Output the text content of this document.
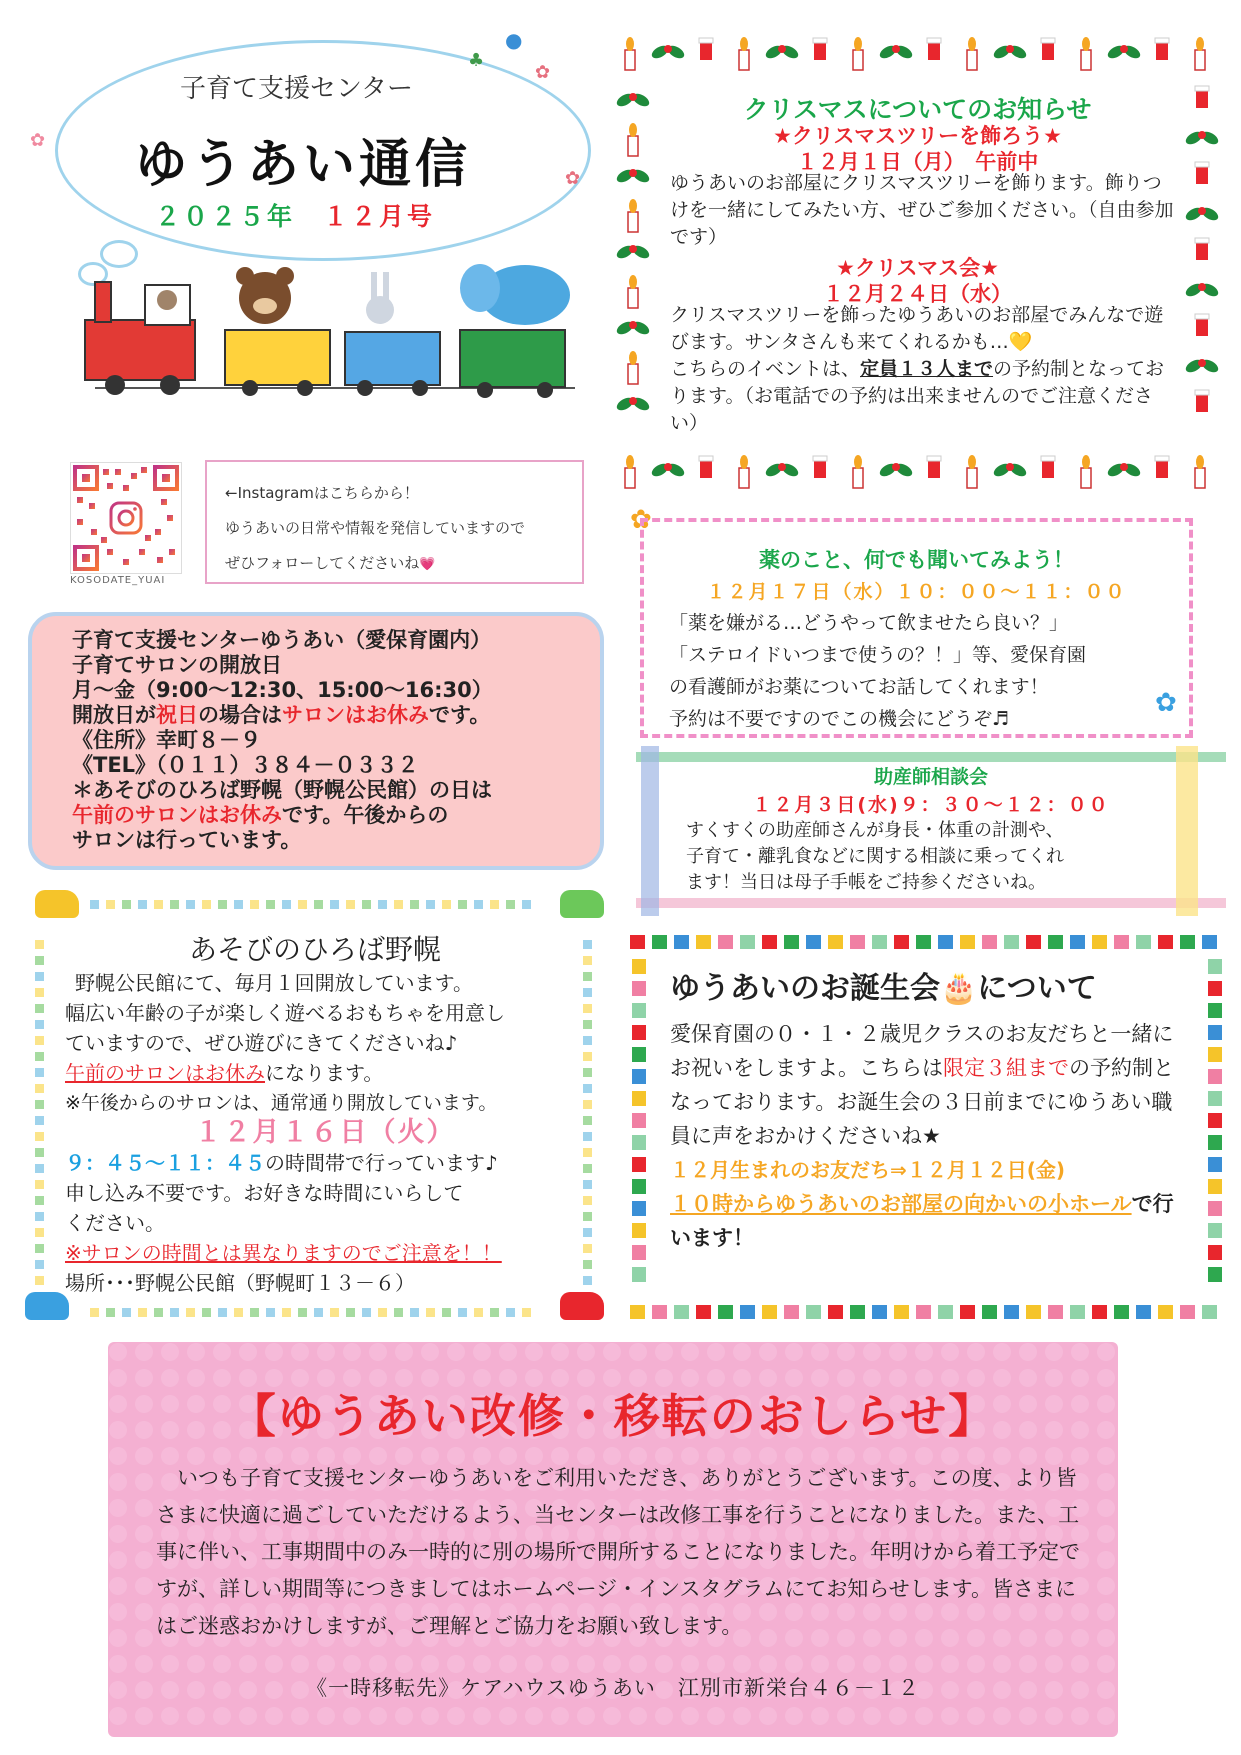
✿
✿
✿
♣
●
子育て支援センター
ゆうあい通信
２０２５年　 １２月号
KOSODATE_YUAI
←Instagramはこちらから！
ゆうあいの日常や情報を発信していますので
ぜひフォローしてくださいね💗
子育て支援センターゆうあい（愛保育園内）
子育てサロンの開放日
月～金（9:00～12:30、15:00～16:30）
開放日が祝日の場合はサロンはお休みです。
《住所》幸町８－９
《TEL》（０１１）３８４－０３３２
＊あそびのひろば野幌（野幌公民館）の日は
午前のサロンはお休みです。午後からの
サロンは行っています。
クリスマスについてのお知らせ
★クリスマスツリーを飾ろう★
１２月１日（月）　午前中
ゆうあいのお部屋にクリスマスツリーを飾ります。飾りつけを一緒にしてみたい方、ぜひご参加ください。（自由参加です）
★クリスマス会★
１２月２４日（水）
クリスマスツリーを飾ったゆうあいのお部屋でみんなで遊びます。サンタさんも来てくれるかも…💛
こちらのイベントは、定員１３人までの予約制となっております。（お電話での予約は出来ませんのでご注意ください）
✿
✿
薬のこと、何でも聞いてみよう！
１２月１７日（水）１０：００～１１：００
「薬を嫌がる…どうやって飲ませたら良い？」
「ステロイドいつまで使うの？！」等、愛保育園
の看護師がお薬についてお話してくれます！
予約は不要ですのでこの機会にどうぞ♬
助産師相談会
１２月３日(水)９：３０～１２：００
すくすくの助産師さんが身長・体重の計測や、
子育て・離乳食などに関する相談に乗ってくれ
ます！当日は母子手帳をご持参くださいね。
あそびのひろば野幌
野幌公民館にて、毎月１回開放しています。
幅広い年齢の子が楽しく遊べるおもちゃを用意し
ていますので、ぜひ遊びにきてくださいね♪
午前のサロンはお休みになります。
※午後からのサロンは、通常通り開放しています。
１２月１６日（火）
９：４５～１１：４５の時間帯で行っています♪
申し込み不要です。お好きな時間にいらして
ください。
※サロンの時間とは異なりますのでご注意を！！
場所･･･野幌公民館（野幌町１３－６）
ゆうあいのお誕生会🎂について
愛保育園の０・１・２歳児クラスのお友だちと一緒にお祝いをしますよ。こちらは限定３組までの予約制となっております。お誕生会の３日前までにゆうあい職員に声をおかけくださいね★
１２月生まれのお友だち⇒１２月１２日(金)
１０時からゆうあいのお部屋の向かいの小ホールで行います！
【ゆうあい改修・移転のおしらせ】
　いつも子育て支援センターゆうあいをご利用いただき、ありがとうございます。この度、より皆さまに快適に過ごしていただけるよう、当センターは改修工事を行うことになりました。また、工事に伴い、工事期間中のみ一時的に別の場所で開所することになりました。年明けから着工予定ですが、詳しい期間等につきましてはホームページ・インスタグラムにてお知らせします。皆さまにはご迷惑おかけしますが、ご理解とご協力をお願い致します。
《一時移転先》ケアハウスゆうあい　江別市新栄台４６－１２
